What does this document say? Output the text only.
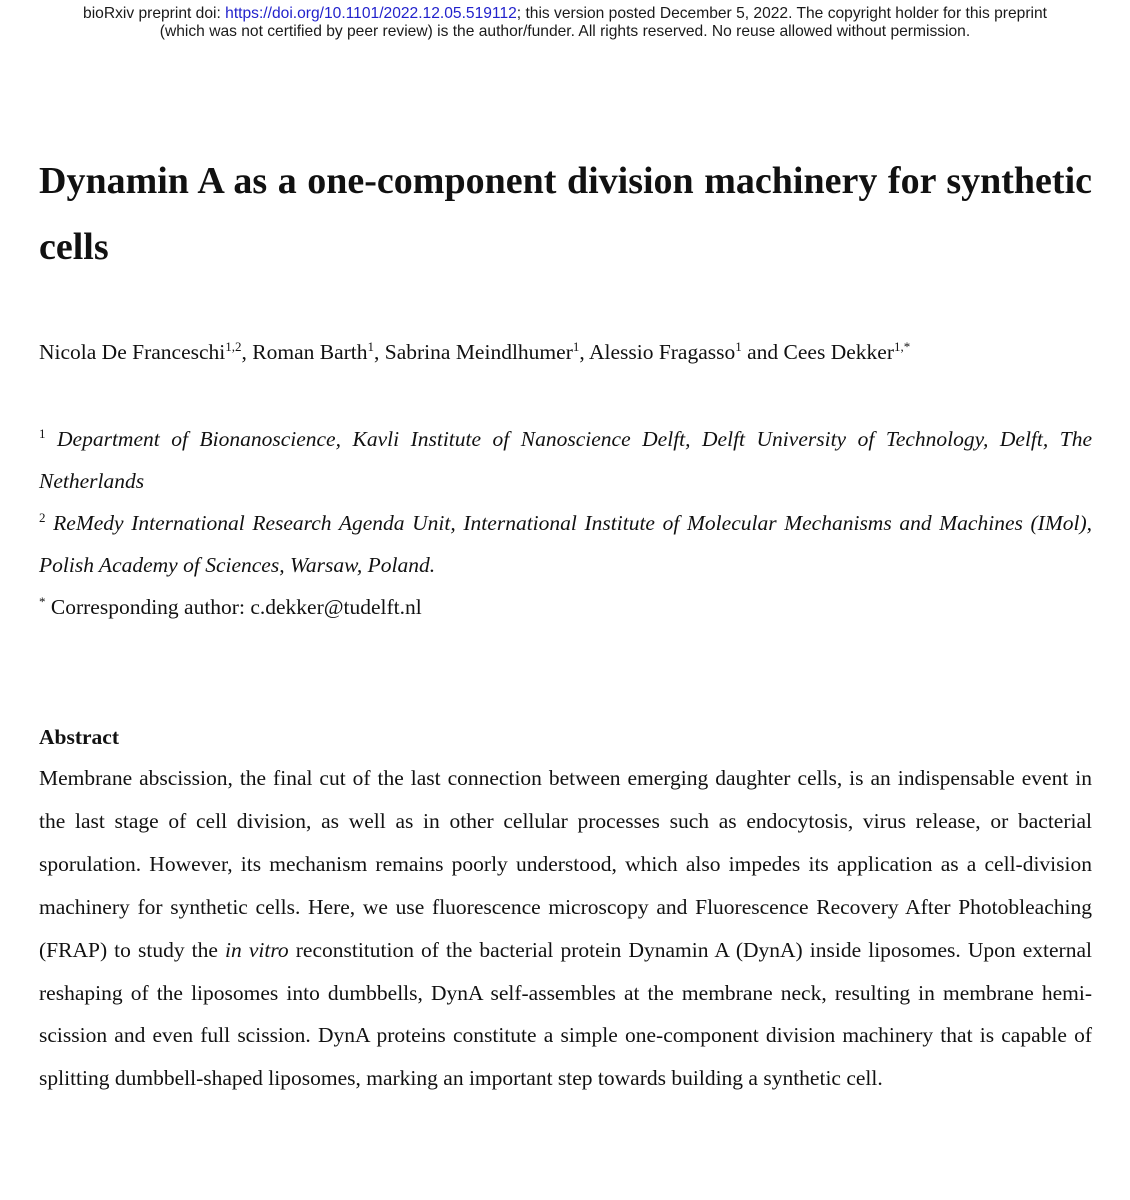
bioRxiv preprint doi: https://doi.org/10.1101/2022.12.05.519112; this version posted December 5, 2022. The copyright holder for this preprint
(which was not certified by peer review) is the author/funder. All rights reserved. No reuse allowed without permission.
Dynamin A as a one-component division machinery for synthetic cells
Nicola De Franceschi$^{1,2}$, Roman Barth$^1$, Sabrina Meindlhumer$^1$, Alessio Fragasso$^1$ and Cees Dekker$^{1,*}$
$^1$ Department of Bionanoscience, Kavli Institute of Nanoscience Delft, Delft University of Technology, Delft, The Netherlands
$^2$ ReMedy International Research Agenda Unit, International Institute of Molecular Mechanisms and Machines (IMol), Polish Academy of Sciences, Warsaw, Poland.
* Corresponding author: c.dekker@tudelft.nl
Abstract

Membrane abscission, the final cut of the last connection between emerging daughter cells, is an indispensable event in the last stage of cell division, as well as in other cellular processes such as endocytosis, virus release, or bacterial sporulation. However, its mechanism remains poorly understood, which also impedes its application as a cell-division machinery for synthetic cells. Here, we use fluorescence microscopy and Fluorescence Recovery After Photobleaching (FRAP) to study the in vitro reconstitution of the bacterial protein Dynamin A (DynA) inside liposomes. Upon external reshaping of the liposomes into dumbbells, DynA self-assembles at the membrane neck, resulting in membrane hemi-scission and even full scission. DynA proteins constitute a simple one-component division machinery that is capable of splitting dumbbell-shaped liposomes, marking an important step towards building a synthetic cell.
